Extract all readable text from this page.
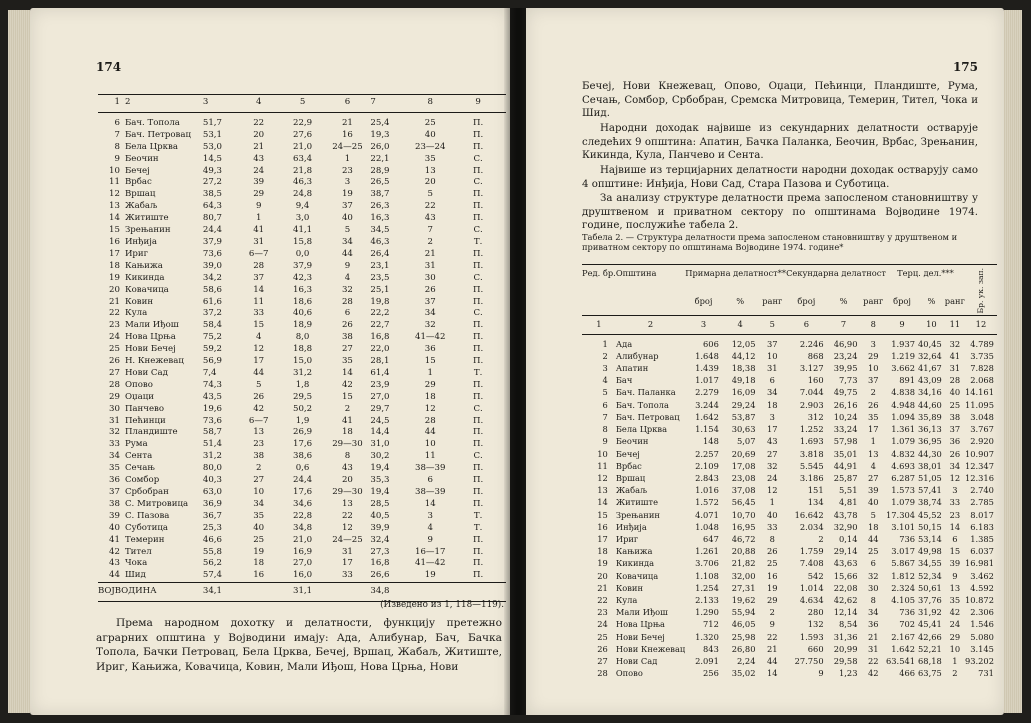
174
1	2	3	4	5	6	7	8	9
6	Бач. Топола	51,7	22	22,9	21	25,4	25	П.
7	Бач. Петровац	53,1	20	27,6	16	19,3	40	П.
8	Бела Црква	53,0	21	21,0	24—25	26,0	23—24	П.
9	Беочин	14,5	43	63,4	1	22,1	35	С.
10	Бечеј	49,3	24	21,8	23	28,9	13	П.
11	Врбас	27,2	39	46,3	3	26,5	20	С.
12	Вршац	38,5	29	24,8	19	38,7	5	П.
13	Жабаљ	64,3	9	9,4	37	26,3	22	П.
14	Житиште	80,7	1	3,0	40	16,3	43	П.
15	Зрењанин	24,4	41	41,1	5	34,5	7	С.
16	Инђија	37,9	31	15,8	34	46,3	2	Т.
17	Ириг	73,6	6—7	0,0	44	26,4	21	П.
18	Кањижа	39,0	28	37,9	9	23,1	31	П.
19	Кикинда	34,2	37	42,3	4	23,5	30	С.
20	Ковачица	58,6	14	16,3	32	25,1	26	П.
21	Ковин	61,6	11	18,6	28	19,8	37	П.
22	Кула	37,2	33	40,6	6	22,2	34	С.
23	Мали Иђош	58,4	15	18,9	26	22,7	32	П.
24	Нова Црња	75,2	4	8,0	38	16,8	41—42	П.
25	Нови Бечеј	59,2	12	18,8	27	22,0	36	П.
26	Н. Кнежевац	56,9	17	15,0	35	28,1	15	П.
27	Нови Сад	7,4	44	31,2	14	61,4	1	Т.
28	Опово	74,3	5	1,8	42	23,9	29	П.
29	Оџаци	43,5	26	29,5	15	27,0	18	П.
30	Панчево	19,6	42	50,2	2	29,7	12	С.
31	Пећинци	73,6	6—7	1,9	41	24,5	28	П.
32	Пландиште	58,7	13	26,9	18	14,4	44	П.
33	Рума	51,4	23	17,6	29—30	31,0	10	П.
34	Сента	31,2	38	38,6	8	30,2	11	С.
35	Сечањ	80,0	2	0,6	43	19,4	38—39	П.
36	Сомбор	40,3	27	24,4	20	35,3	6	П.
37	Србобран	63,0	10	17,6	29—30	19,4	38—39	П.
38	С. Митровица	36,9	34	34,6	13	28,5	14	П.
39	С. Пазова	36,7	35	22,8	22	40,5	3	Т.
40	Суботица	25,3	40	34,8	12	39,9	4	Т.
41	Темерин	46,6	25	21,0	24—25	32,4	9	П.
42	Тител	55,8	19	16,9	31	27,3	16—17	П.
43	Чока	56,2	18	27,0	17	16,8	41—42	П.
44	Шид	57,4	16	16,0	33	26,6	19	П.
ВОЈВОДИНА		34,1		31,1		34,8		
(Изведено из 1, 118—119).

Према народном дохотку и делатности, функцију претежно аграрних општина у Војводини имају: Ада, Алибунар, Бач, Бачка Топола, Бачки Петровац, Бела Црква, Бечеј, Вршац, Жабаљ, Житиште, Ириг, Кањижа, Ковачица, Ковин, Мали Иђош, Нова Црња, Нови

175

Бечеј, Нови Кнежевац, Опово, Оџаци, Пећинци, Пландиште, Рума, Сечањ, Сомбор, Србобран, Сремска Митровица, Темерин, Тител, Чока и Шид.

Народни доходак највише из секундарних делатности остварује следећих 9 општина: Апатин, Бачка Паланка, Беочин, Врбас, Зрењанин, Кикинда, Кула, Панчево и Сента.

Највише из терцијарних делатности народни доходак остварују само 4 општине: Инђија, Нови Сад, Стара Пазова и Суботица.

За анализу структуре делатности према запосленом становништву у друштвеном и приватном сектору по општинама Војводине 1974. године, послужиће табела 2.

Табела 2. — Структура делатности према запосленом становништву у друштвеном и приватном сектору по општинама Војводине 1974. године*

Ред. бр.	Општина	Примарна делатност**			Секундарна делатност			Терц. дел.***			Бр. ук. зап.
		број	%	ранг	број	%	ранг	број	%	ранг	
1	2	3	4	5	6	7	8	9	10	11	12
1	Ада	606	12,05	37	2.246	46,90	3	1.937	40,45	32	4.789
2	Алибунар	1.648	44,12	10	868	23,24	29	1.219	32,64	41	3.735
3	Апатин	1.439	18,38	31	3.127	39,95	10	3.662	41,67	31	7.828
4	Бач	1.017	49,18	6	160	7,73	37	891	43,09	28	2.068
5	Бач. Паланка	2.279	16,09	34	7.044	49,75	2	4.838	34,16	40	14.161
6	Бач. Топола	3.244	29,24	18	2.903	26,16	26	4.948	44,60	25	11.095
7	Бач. Петровац	1.642	53,87	3	312	10,24	35	1.094	35,89	38	3.048
8	Бела Црква	1.154	30,63	17	1.252	33,24	17	1.361	36,13	37	3.767
9	Беочин	148	5,07	43	1.693	57,98	1	1.079	36,95	36	2.920
10	Бечеј	2.257	20,69	27	3.818	35,01	13	4.832	44,30	26	10.907
11	Врбас	2.109	17,08	32	5.545	44,91	4	4.693	38,01	34	12.347
12	Вршац	2.843	23,08	24	3.186	25,87	27	6.287	51,05	12	12.316
13	Жабаљ	1.016	37,08	12	151	5,51	39	1.573	57,41	3	2.740
14	Житиште	1.572	56,45	1	134	4,81	40	1.079	38,74	33	2.785
15	Зрењанин	4.071	10,70	40	16.642	43,78	5	17.304	45,52	23	8.017
16	Инђија	1.048	16,95	33	2.034	32,90	18	3.101	50,15	14	6.183
17	Ириг	647	46,72	8	2	0,14	44	736	53,14	6	1.385
18	Кањижа	1.261	20,88	26	1.759	29,14	25	3.017	49,98	15	6.037
19	Кикинда	3.706	21,82	25	7.408	43,63	6	5.867	34,55	39	16.981
20	Ковачица	1.108	32,00	16	542	15,66	32	1.812	52,34	9	3.462
21	Ковин	1.254	27,31	19	1.014	22,08	30	2.324	50,61	13	4.592
22	Кула	2.133	19,62	29	4.634	42,62	8	4.105	37,76	35	10.872
23	Мали Иђош	1.290	55,94	2	280	12,14	34	736	31,92	42	2.306
24	Нова Црња	712	46,05	9	132	8,54	36	702	45,41	24	1.546
25	Нови Бечеј	1.320	25,98	22	1.593	31,36	21	2.167	42,66	29	5.080
26	Нови Кнежевац	843	26,80	21	660	20,99	31	1.642	52,21	10	3.145
27	Нови Сад	2.091	2,24	44	27.750	29,58	22	63.541	68,18	1	93.202
28	Опово	256	35,02	14	9	1,23	42	466	63,75	2	731
